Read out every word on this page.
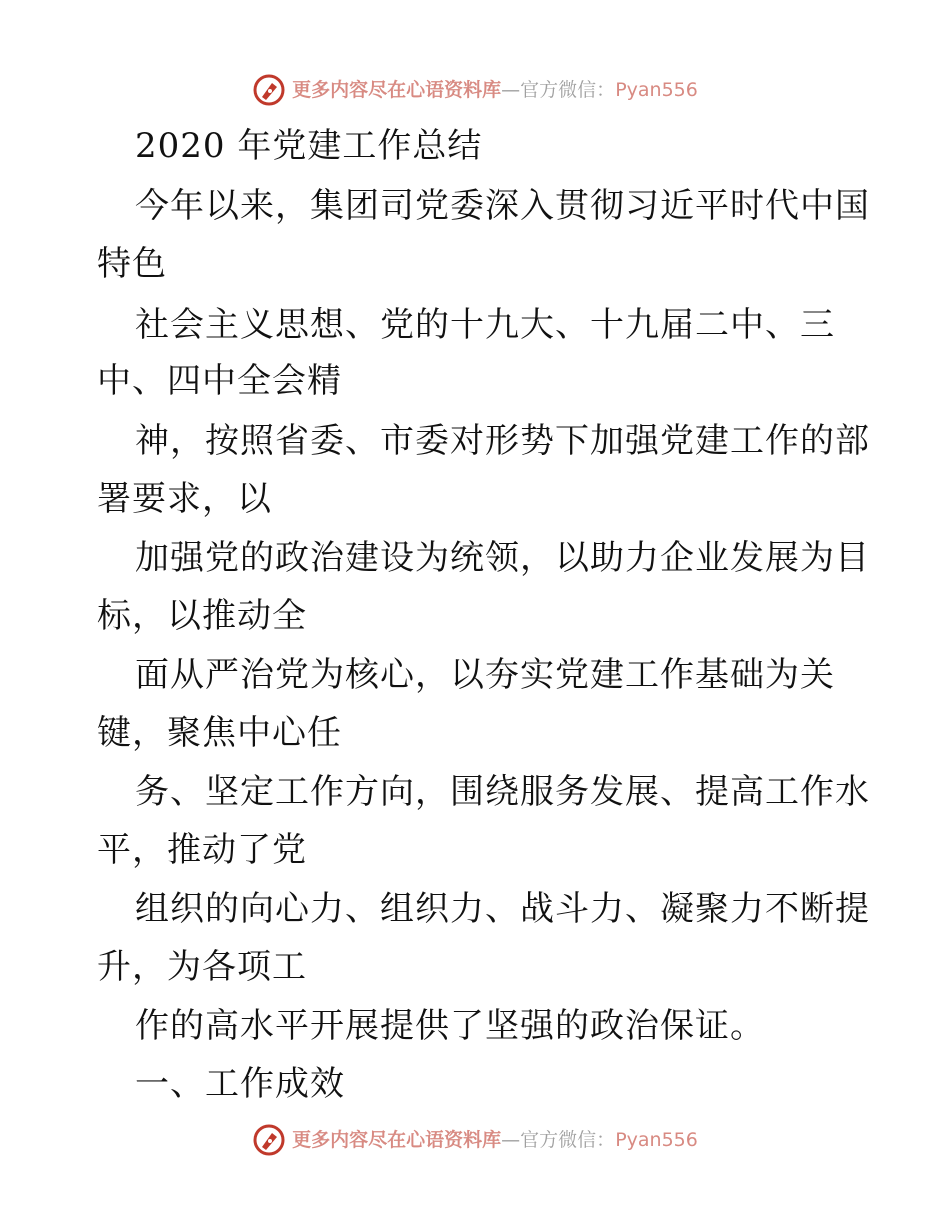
更多内容尽在心语资料库—官方微信：Pyan556
2020 年党建工作总结
今年以来，集团司党委深入贯彻习近平时代中国
特色
社会主义思想、党的十九大、十九届二中、三
中、四中全会精
神，按照省委、市委对形势下加强党建工作的部
署要求，以
加强党的政治建设为统领，以助力企业发展为目
标，以推动全
面从严治党为核心，以夯实党建工作基础为关
键，聚焦中心任
务、坚定工作方向，围绕服务发展、提高工作水
平，推动了党
组织的向心力、组织力、战斗力、凝聚力不断提
升，为各项工
作的高水平开展提供了坚强的政治保证。
一、工作成效
更多内容尽在心语资料库—官方微信：Pyan556
